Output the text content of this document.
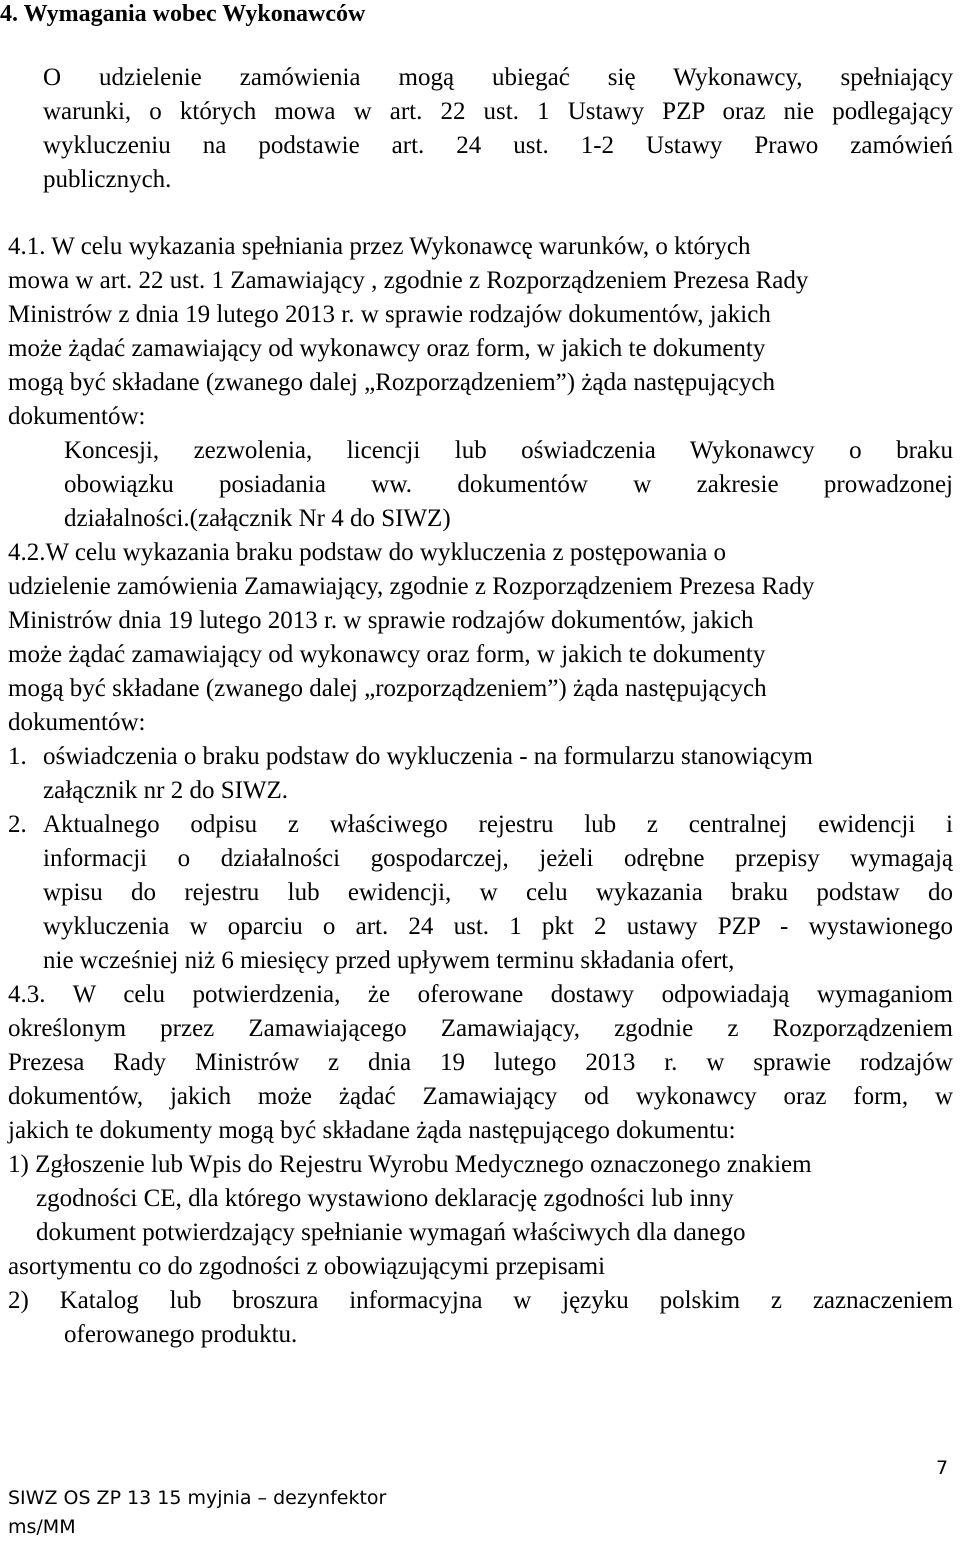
4. Wymagania wobec Wykonawców
O udzielenie zamówienia mogą ubiegać się Wykonawcy, spełniający
warunki, o których mowa w art. 22 ust. 1 Ustawy PZP oraz nie podlegający
wykluczeniu na podstawie art. 24 ust. 1-2 Ustawy Prawo zamówień
publicznych.
4.1. W celu wykazania spełniania przez Wykonawcę warunków, o których
mowa w art. 22 ust. 1 Zamawiający , zgodnie z Rozporządzeniem Prezesa Rady
Ministrów z dnia 19 lutego 2013 r. w sprawie rodzajów dokumentów, jakich
może żądać zamawiający od wykonawcy oraz form, w jakich te dokumenty
mogą być składane (zwanego dalej „Rozporządzeniem”) żąda następujących
dokumentów:
Koncesji, zezwolenia, licencji lub oświadczenia Wykonawcy o braku
obowiązku posiadania ww. dokumentów w zakresie prowadzonej
działalności.(załącznik Nr 4 do SIWZ)
4.2.W celu wykazania braku podstaw do wykluczenia z postępowania o
udzielenie zamówienia Zamawiający, zgodnie z Rozporządzeniem Prezesa Rady
Ministrów dnia 19 lutego 2013 r. w sprawie rodzajów dokumentów, jakich
może żądać zamawiający od wykonawcy oraz form, w jakich te dokumenty
mogą być składane (zwanego dalej „rozporządzeniem”) żąda następujących
dokumentów:
1. oświadczenia o braku podstaw do wykluczenia - na formularzu stanowiącym
załącznik nr 2 do SIWZ.
2. Aktualnego odpisu z właściwego rejestru lub z centralnej ewidencji i
informacji o działalności gospodarczej, jeżeli odrębne przepisy wymagają
wpisu do rejestru lub ewidencji, w celu wykazania braku podstaw do
wykluczenia w oparciu o art. 24 ust. 1 pkt 2 ustawy PZP - wystawionego
nie wcześniej niż 6 miesięcy przed upływem terminu składania ofert,
4.3. W celu potwierdzenia, że oferowane dostawy odpowiadają wymaganiom
określonym przez Zamawiającego Zamawiający, zgodnie z Rozporządzeniem
Prezesa Rady Ministrów z dnia 19 lutego 2013 r. w sprawie rodzajów
dokumentów, jakich może żądać Zamawiający od wykonawcy oraz form, w
jakich te dokumenty mogą być składane żąda następującego dokumentu:
1) Zgłoszenie lub Wpis do Rejestru Wyrobu Medycznego oznaczonego znakiem
zgodności CE, dla którego wystawiono deklarację zgodności lub inny
dokument potwierdzający spełnianie wymagań właściwych dla danego
asortymentu co do zgodności z obowiązującymi przepisami
2) Katalog lub broszura informacyjna w języku polskim z zaznaczeniem
oferowanego produktu.
SIWZ OS ZP 13 15 myjnia – dezynfektor
ms/MM
7
